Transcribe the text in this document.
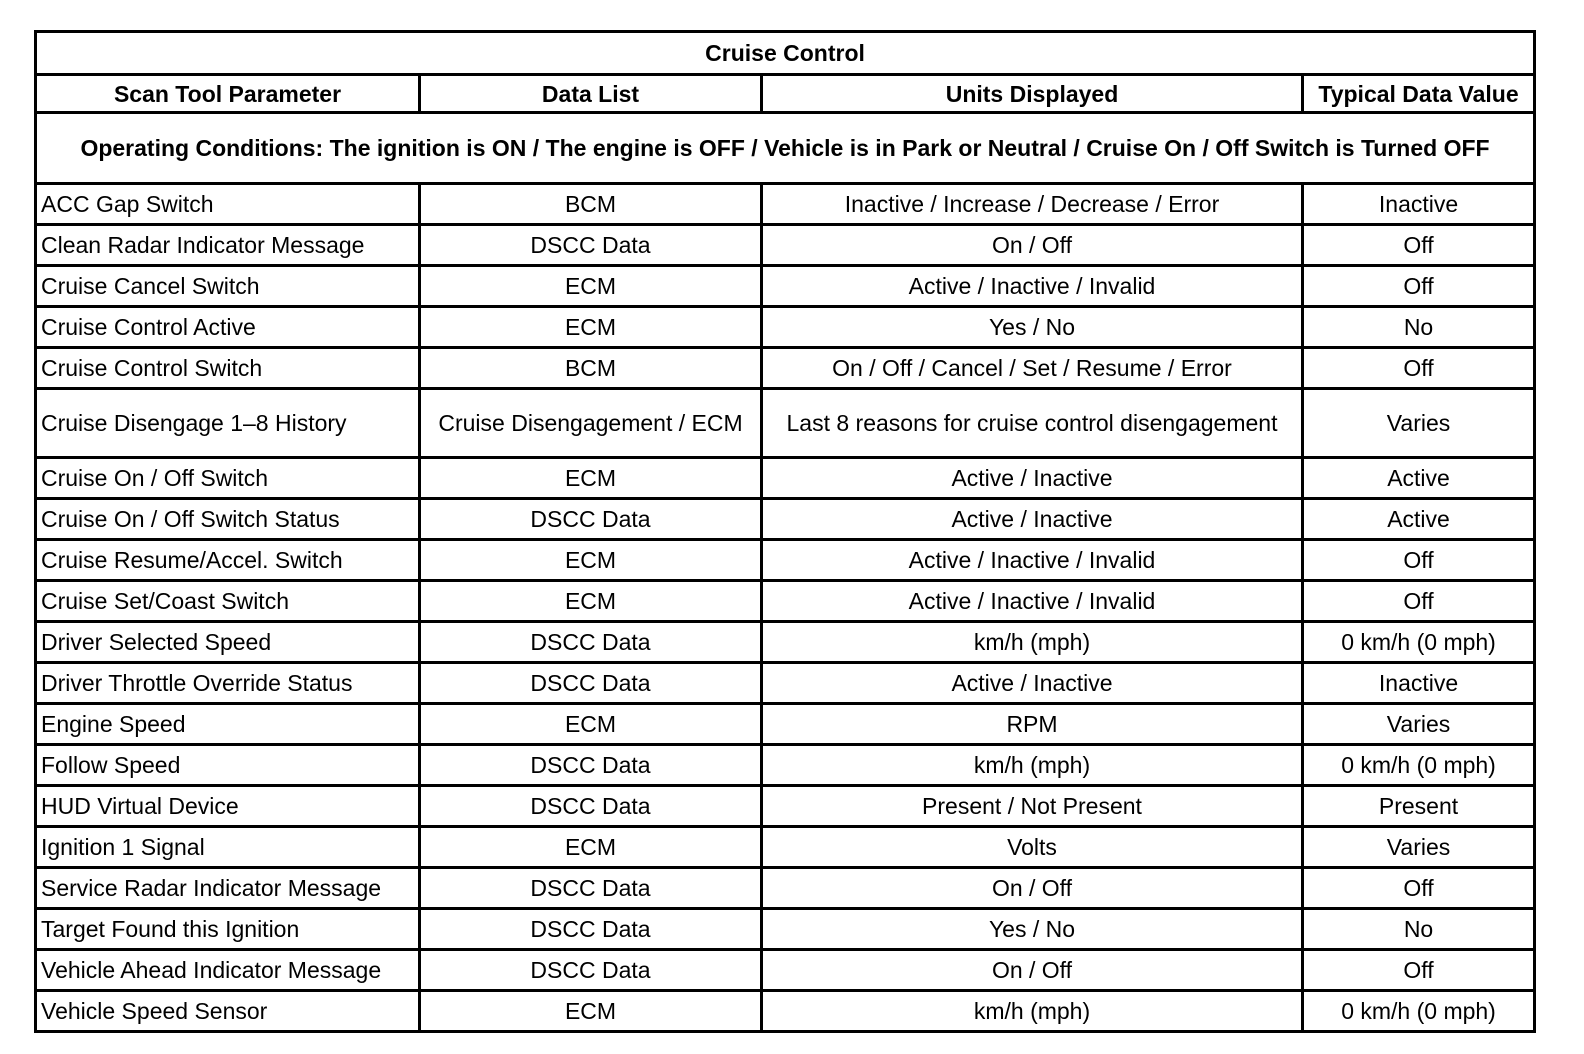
Cruise Control			
Scan Tool Parameter	Data List	Units Displayed	Typical Data Value
Operating Conditions: The ignition is ON / The engine is OFF / Vehicle is in Park or Neutral / Cruise On / Off Switch is Turned OFF			
ACC Gap Switch	BCM	Inactive / Increase / Decrease / Error	Inactive
Clean Radar Indicator Message	DSCC Data	On / Off	Off
Cruise Cancel Switch	ECM	Active / Inactive / Invalid	Off
Cruise Control Active	ECM	Yes / No	No
Cruise Control Switch	BCM	On / Off / Cancel / Set / Resume / Error	Off
Cruise Disengage 1–8 History	Cruise Disengagement / ECM	Last 8 reasons for cruise control disengagement	Varies
Cruise On / Off Switch	ECM	Active / Inactive	Active
Cruise On / Off Switch Status	DSCC Data	Active / Inactive	Active
Cruise Resume/Accel. Switch	ECM	Active / Inactive / Invalid	Off
Cruise Set/Coast Switch	ECM	Active / Inactive / Invalid	Off
Driver Selected Speed	DSCC Data	km/h (mph)	0 km/h (0 mph)
Driver Throttle Override Status	DSCC Data	Active / Inactive	Inactive
Engine Speed	ECM	RPM	Varies
Follow Speed	DSCC Data	km/h (mph)	0 km/h (0 mph)
HUD Virtual Device	DSCC Data	Present / Not Present	Present
Ignition 1 Signal	ECM	Volts	Varies
Service Radar Indicator Message	DSCC Data	On / Off	Off
Target Found this Ignition	DSCC Data	Yes / No	No
Vehicle Ahead Indicator Message	DSCC Data	On / Off	Off
Vehicle Speed Sensor	ECM	km/h (mph)	0 km/h (0 mph)
